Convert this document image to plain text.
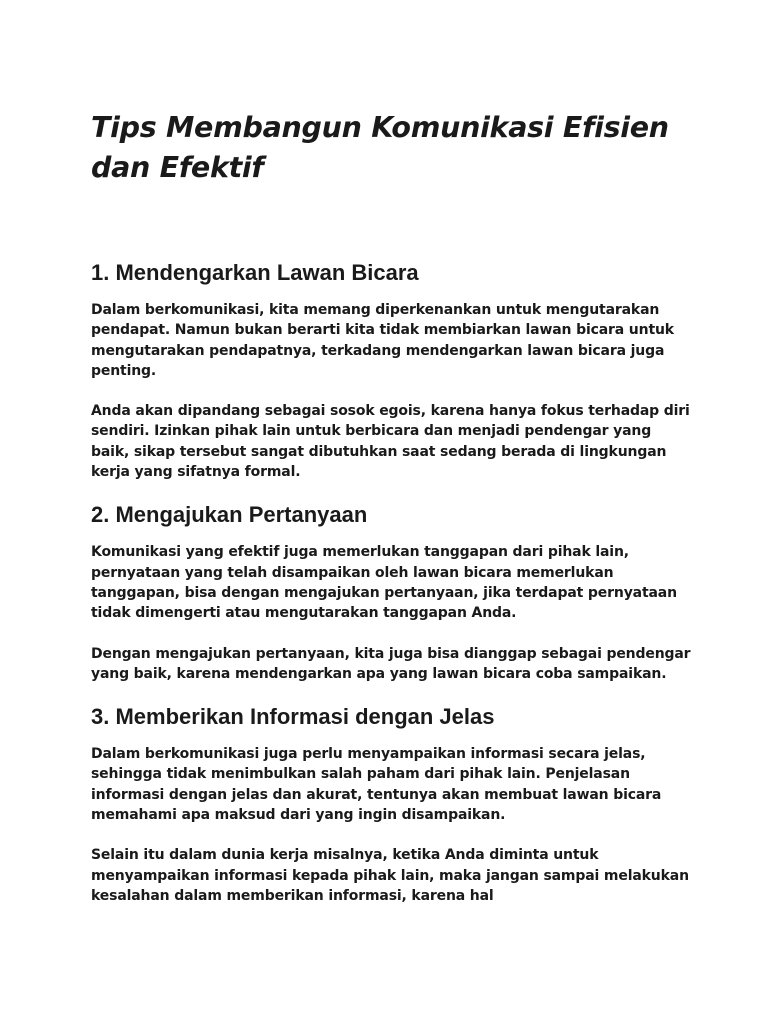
Tips Membangun Komunikasi Efisien dan Efektif
1. Mendengarkan Lawan Bicara

Dalam berkomunikasi, kita memang diperkenankan untuk mengutarakan pendapat. Namun bukan berarti kita tidak membiarkan lawan bicara untuk mengutarakan pendapatnya, terkadang mendengarkan lawan bicara juga penting.

Anda akan dipandang sebagai sosok egois, karena hanya fokus terhadap diri sendiri. Izinkan pihak lain untuk berbicara dan menjadi pendengar yang baik, sikap tersebut sangat dibutuhkan saat sedang berada di lingkungan kerja yang sifatnya formal.

2. Mengajukan Pertanyaan

Komunikasi yang efektif juga memerlukan tanggapan dari pihak lain, pernyataan yang telah disampaikan oleh lawan bicara memerlukan tanggapan, bisa dengan mengajukan pertanyaan, jika terdapat pernyataan tidak dimengerti atau mengutarakan tanggapan Anda.

Dengan mengajukan pertanyaan, kita juga bisa dianggap sebagai pendengar yang baik, karena mendengarkan apa yang lawan bicara coba sampaikan.

3. Memberikan Informasi dengan Jelas

Dalam berkomunikasi juga perlu menyampaikan informasi secara jelas, sehingga tidak menimbulkan salah paham dari pihak lain. Penjelasan informasi dengan jelas dan akurat, tentunya akan membuat lawan bicara memahami apa maksud dari yang ingin disampaikan.

Selain itu dalam dunia kerja misalnya, ketika Anda diminta untuk menyampaikan informasi kepada pihak lain, maka jangan sampai melakukan kesalahan dalam memberikan informasi, karena hal
